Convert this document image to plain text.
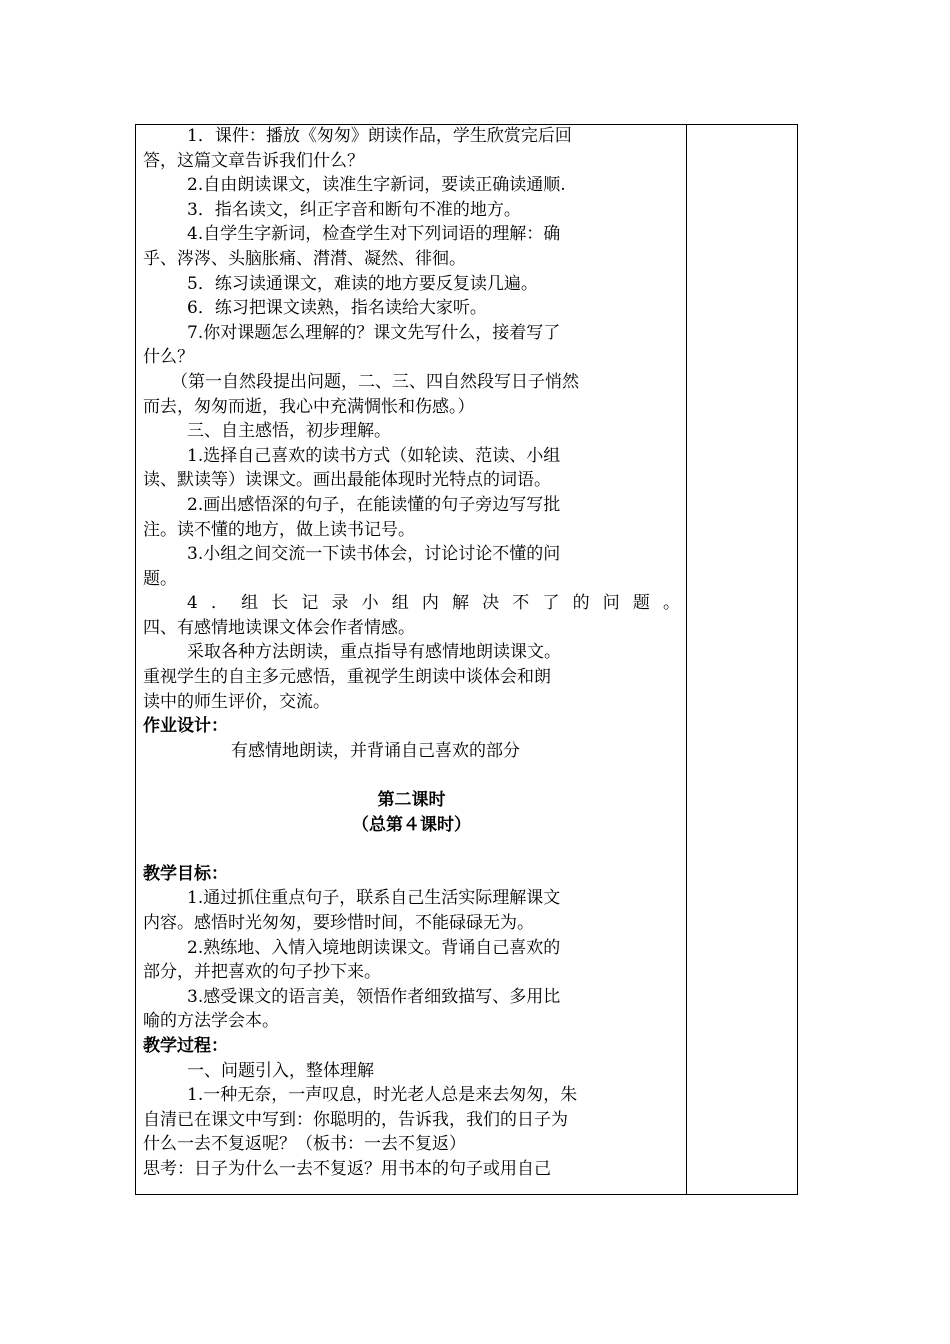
1．课件：播放《匆匆》朗读作品，学生欣赏完后回
答，这篇文章告诉我们什么？
2.自由朗读课文，读准生字新词，要读正确读通顺.
3．指名读文，纠正字音和断句不准的地方。
4.自学生字新词，检查学生对下列词语的理解：确
乎、涔涔、头脑胀痛、潸潸、凝然、徘徊。
5．练习读通课文，难读的地方要反复读几遍。
6．练习把课文读熟，指名读给大家听。
7.你对课题怎么理解的？课文先写什么，接着写了
什么？
（第一自然段提出问题，二、三、四自然段写日子悄然
而去，匆匆而逝，我心中充满惆怅和伤感。）
三、自主感悟，初步理解。
1.选择自己喜欢的读书方式（如轮读、范读、小组
读、默读等）读课文。画出最能体现时光特点的词语。
2.画出感悟深的句子，在能读懂的句子旁边写写批
注。读不懂的地方，做上读书记号。
3.小组之间交流一下读书体会，讨论讨论不懂的问
题。
4．组长记录小组内解决不了的问题。
四、有感情地读课文体会作者情感。
采取各种方法朗读，重点指导有感情地朗读课文。
重视学生的自主多元感悟，重视学生朗读中谈体会和朗
读中的师生评价，交流。
作业设计：
有感情地朗读，并背诵自己喜欢的部分
第二课时
（总第４课时）
教学目标：
1.通过抓住重点句子，联系自己生活实际理解课文
内容。感悟时光匆匆，要珍惜时间，不能碌碌无为。
2.熟练地、入情入境地朗读课文。背诵自己喜欢的
部分，并把喜欢的句子抄下来。
3.感受课文的语言美，领悟作者细致描写、多用比
喻的方法学会本。
教学过程：
一、问题引入，整体理解
1.一种无奈，一声叹息，时光老人总是来去匆匆，朱
自清已在课文中写到：你聪明的，告诉我，我们的日子为
什么一去不复返呢？（板书：一去不复返）
思考：日子为什么一去不复返？用书本的句子或用自己
